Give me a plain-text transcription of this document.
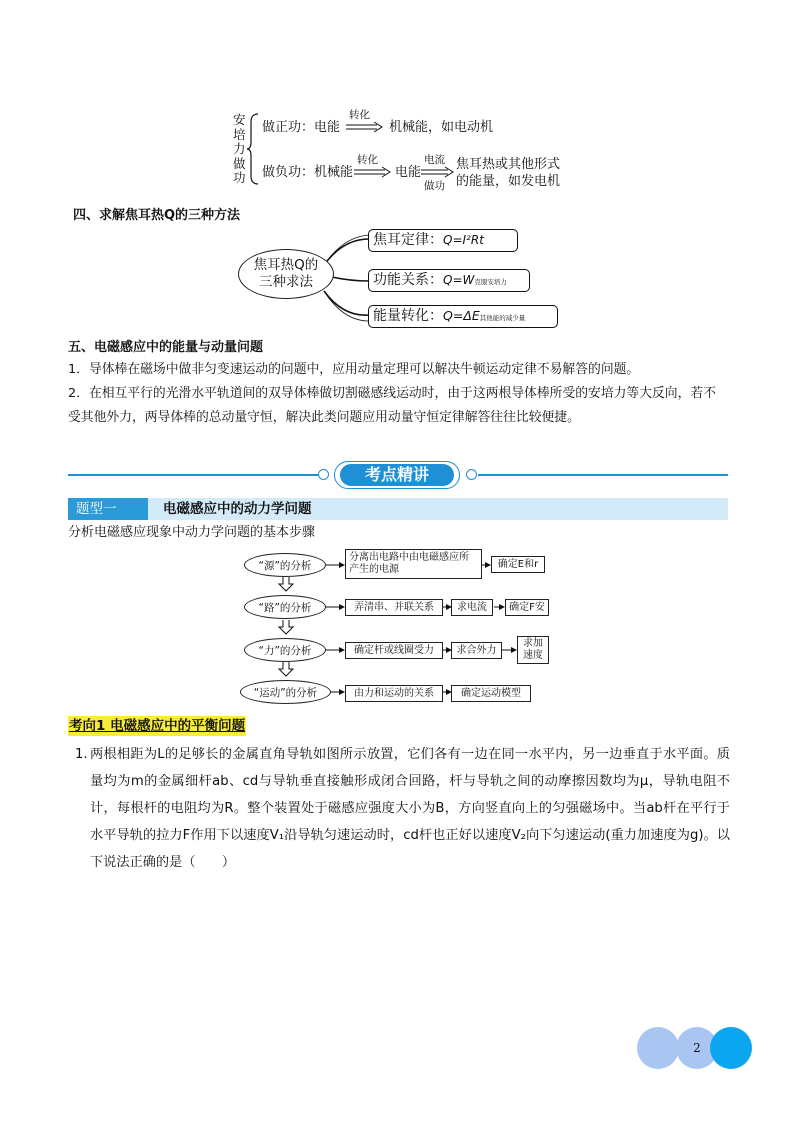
安培力做功
做正功：电能
转化
机械能，如电动机
做负功：机械能
转化
电能
电流
做功
焦耳热或其他形式
的能量，如发电机
四、求解焦耳热Q的三种方法
焦耳热Q的三种求法
焦耳定律：Q=I²Rt
功能关系：Q=W克服安培力
能量转化：Q=ΔE其他能的减少量
五、电磁感应中的能量与动量问题
1．导体棒在磁场中做非匀变速运动的问题中，应用动量定理可以解决牛顿运动定律不易解答的问题。
2．在相互平行的光滑水平轨道间的双导体棒做切割磁感线运动时，由于这两根导体棒所受的安培力等大反向，若不受其他外力，两导体棒的总动量守恒，解决此类问题应用动量守恒定律解答往往比较便捷。
考点精讲
题型一	电磁感应中的动力学问题
分析电磁感应现象中动力学问题的基本步骤
“源”的分析
分离出电路中由电磁感应所产生的电源	确定E和r
“路”的分析	弄清串、并联关系	求电流	确定F安
“力”的分析	确定杆或线圈受力	求合外力
求加速度
“运动”的分析	由力和运动的关系	确定运动模型
考向1 电磁感应中的平衡问题
1. 两根相距为L的足够长的金属直角导轨如图所示放置，它们各有一边在同一水平内，另一边垂直于水平面。质量均为m的金属细杆ab、cd与导轨垂直接触形成闭合回路，杆与导轨之间的动摩擦因数均为μ，导轨电阻不计，每根杆的电阻均为R。整个装置处于磁感应强度大小为B，方向竖直向上的匀强磁场中。当ab杆在平行于水平导轨的拉力F作用下以速度V₁沿导轨匀速运动时，cd杆也正好以速度V₂向下匀速运动(重力加速度为g)。以下说法正确的是（　　）
2
